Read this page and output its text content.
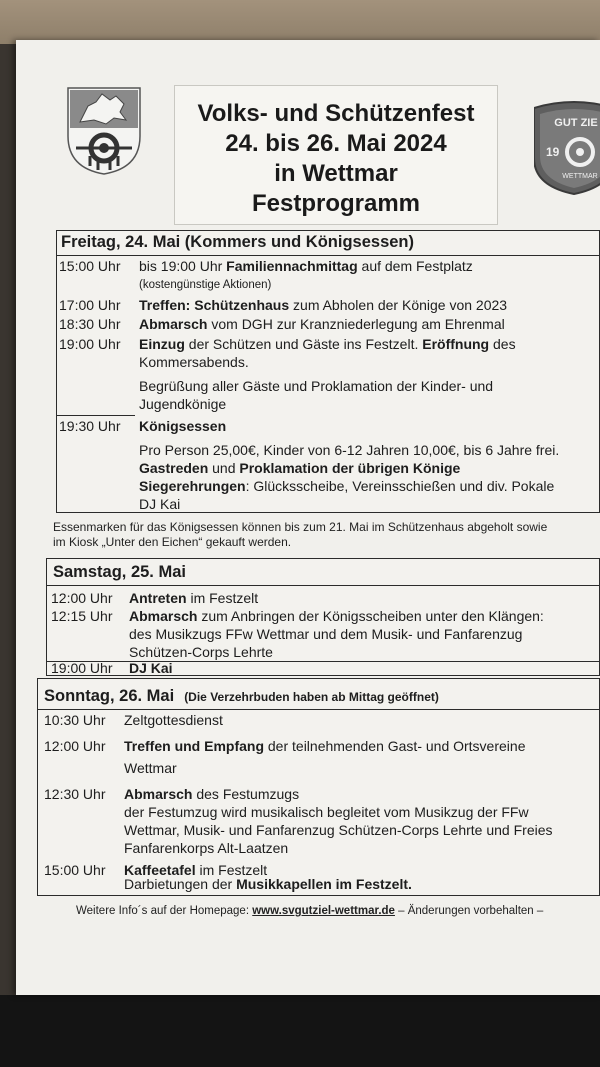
GUT ZIE
19
WETTMAR
Volks- und Schützenfest
24. bis 26. Mai 2024
in Wettmar
Festprogramm
Freitag, 24. Mai (Kommers und Königsessen)
15:00 Uhr bis 19:00 Uhr Familiennachmittag auf dem Festplatz
(kostengünstige Aktionen)
17:00 Uhr Treffen: Schützenhaus zum Abholen der Könige von 2023
18:30 Uhr Abmarsch vom DGH zur Kranzniederlegung am Ehrenmal
19:00 Uhr Einzug der Schützen und Gäste ins Festzelt. Eröffnung des
Kommersabends.
Begrüßung aller Gäste und Proklamation der Kinder- und
Jugendkönige
19:30 Uhr Königsessen
Pro Person 25,00€, Kinder von 6-12 Jahren 10,00€, bis 6 Jahre frei.
Gastreden und Proklamation der übrigen Könige
Siegerehrungen: Glücksscheibe, Vereinsschießen und div. Pokale
DJ Kai
Essenmarken für das Königsessen können bis zum 21. Mai im Schützenhaus abgeholt sowie
im Kiosk „Unter den Eichen“ gekauft werden.
Samstag, 25. Mai
12:00 Uhr Antreten im Festzelt
12:15 Uhr Abmarsch zum Anbringen der Königsscheiben unter den Klängen:
des Musikzugs FFw Wettmar und dem Musik- und Fanfarenzug
Schützen-Corps Lehrte
19:00 Uhr DJ Kai
Sonntag, 26. Mai (Die Verzehrbuden haben ab Mittag geöffnet)
10:30 Uhr Zeltgottesdienst
12:00 Uhr Treffen und Empfang der teilnehmenden Gast- und Ortsvereine
Wettmar
12:30 Uhr Abmarsch des Festumzugs
der Festumzug wird musikalisch begleitet vom Musikzug der FFw
Wettmar, Musik- und Fanfarenzug Schützen-Corps Lehrte und Freies
Fanfarenkorps Alt-Laatzen
15:00 Uhr Kaffeetafel im Festzelt
Darbietungen der Musikkapellen im Festzelt.
Weitere Info´s auf der Homepage: www.svgutziel-wettmar.de – Änderungen vorbehalten –
